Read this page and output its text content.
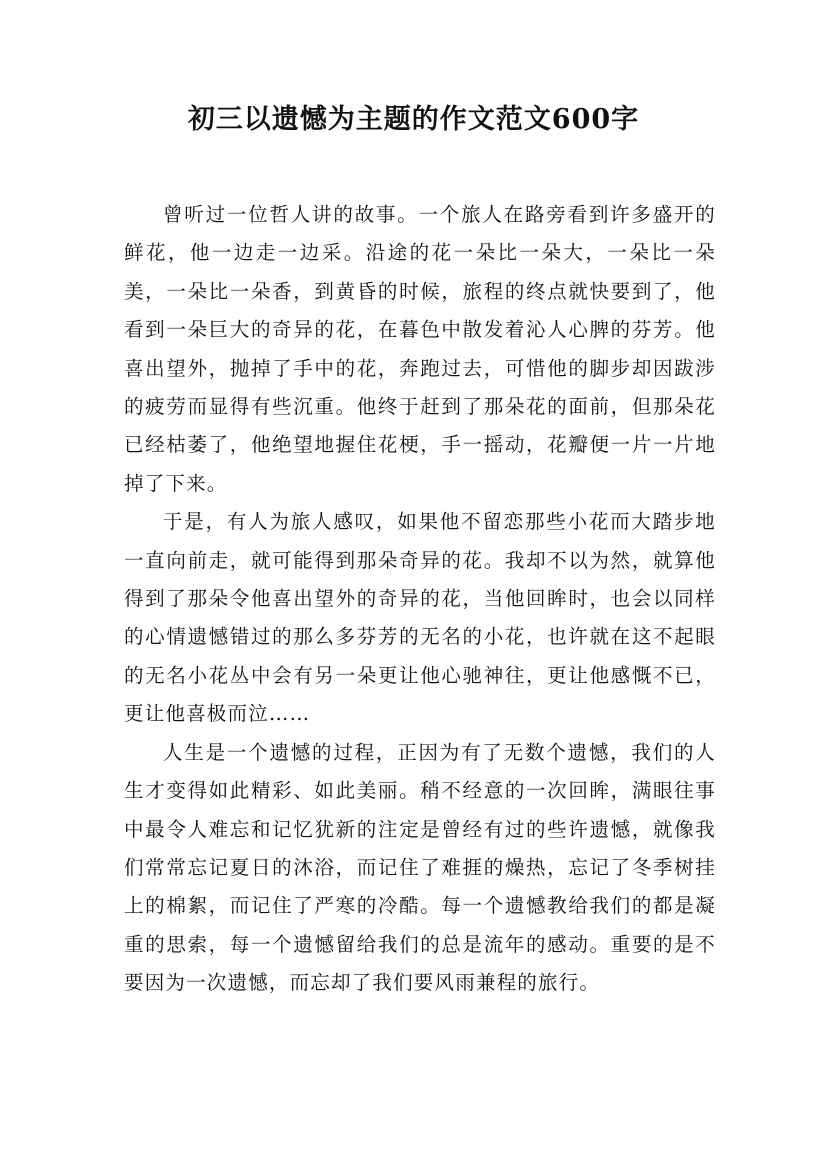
初三以遗憾为主题的作文范文600字

曾听过一位哲人讲的故事。一个旅人在路旁看到许多盛开的鲜花，他一边走一边采。沿途的花一朵比一朵大，一朵比一朵美，一朵比一朵香，到黄昏的时候，旅程的终点就快要到了，他看到一朵巨大的奇异的花，在暮色中散发着沁人心脾的芬芳。他喜出望外，抛掉了手中的花，奔跑过去，可惜他的脚步却因跋涉的疲劳而显得有些沉重。他终于赶到了那朵花的面前，但那朵花已经枯萎了，他绝望地握住花梗，手一摇动，花瓣便一片一片地掉了下来。

于是，有人为旅人感叹，如果他不留恋那些小花而大踏步地一直向前走，就可能得到那朵奇异的花。我却不以为然，就算他得到了那朵令他喜出望外的奇异的花，当他回眸时，也会以同样的心情遗憾错过的那么多芬芳的无名的小花，也许就在这不起眼的无名小花丛中会有另一朵更让他心驰神往，更让他感慨不已，更让他喜极而泣……

人生是一个遗憾的过程，正因为有了无数个遗憾，我们的人生才变得如此精彩、如此美丽。稍不经意的一次回眸，满眼往事中最令人难忘和记忆犹新的注定是曾经有过的些许遗憾，就像我们常常忘记夏日的沐浴，而记住了难捱的燥热，忘记了冬季树挂上的棉絮，而记住了严寒的冷酷。每一个遗憾教给我们的都是凝重的思索，每一个遗憾留给我们的总是流年的感动。重要的是不要因为一次遗憾，而忘却了我们要风雨兼程的旅行。
